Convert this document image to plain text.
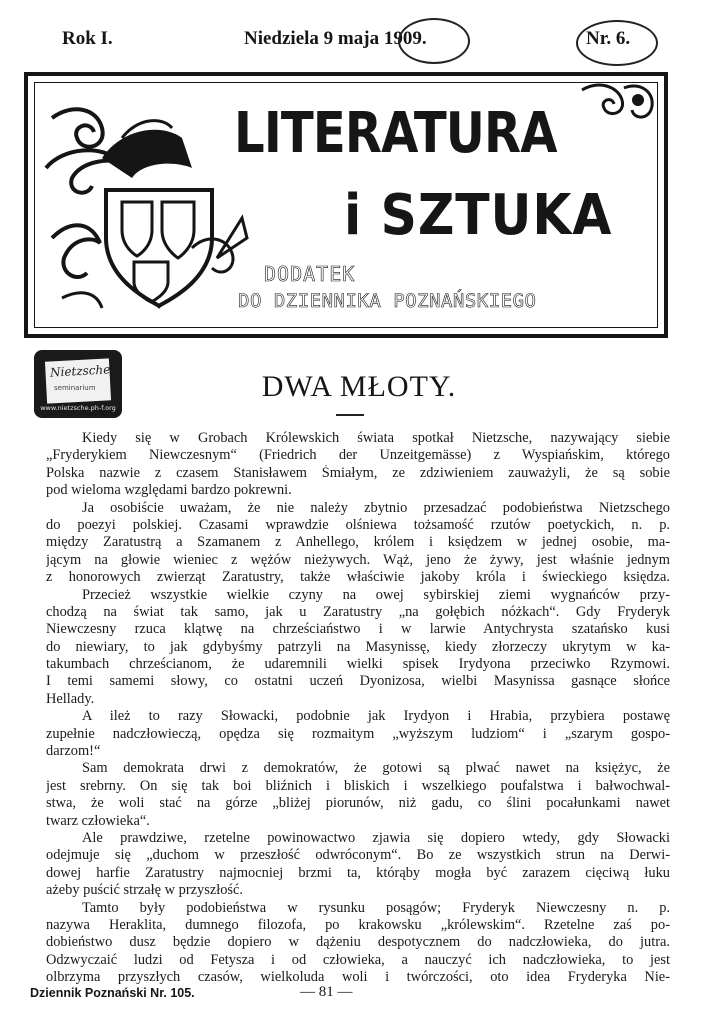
Rok I.	Niedziela 9 maja 1909.	Nr. 6.
LITERATURA
i SZTUKA
DODATEK
DO DZIENNIKA POZNAŃSKIEGO
Nietzsche
seminarium
www.nietzsche.ph-f.org
DWA MŁOTY.
Kiedy się w Grobach Królewskich świata spotkał Nietzsche, nazywający siebie
„Fryderykiem Niewczesnym“ (Friedrich der Unzeitgemässe) z Wyspiańskim, którego
Polska nazwie z czasem Stanisławem Śmiałym, ze zdziwieniem zauważyli, że są sobie
pod wieloma względami bardzo pokrewni.
Ja osobiście uważam, że nie należy zbytnio przesadzać podobieństwa Nietzschego
do poezyi polskiej. Czasami wprawdzie olśniewa tożsamość rzutów poetyckich, n. p.
między Zaratustrą a Szamanem z Anhellego, królem i księdzem w jednej osobie, ma-
jącym na głowie wieniec z wężów nieżywych. Wąż, jeno że żywy, jest właśnie jednym
z honorowych zwierząt Zaratustry, także właściwie jakoby króla i świeckiego księdza.
Przecież wszystkie wielkie czyny na owej sybirskiej ziemi wygnańców przy-
chodzą na świat tak samo, jak u Zaratustry „na gołębich nóżkach“. Gdy Fryderyk
Niewczesny rzuca klątwę na chrześciaństwo i w larwie Antychrysta szatańsko kusi
do niewiary, to jak gdybyśmy patrzyli na Masynissę, kiedy złorzeczy ukrytym w ka-
takumbach chrześcianom, że udaremnili wielki spisek Irydyona przeciwko Rzymowi.
I temi samemi słowy, co ostatni uczeń Dyonizosa, wielbi Masynissa gasnące słońce
Hellady.
A ileż to razy Słowacki, podobnie jak Irydyon i Hrabia, przybiera postawę
zupełnie nadczłowieczą, opędza się rozmaitym „wyższym ludziom“ i „szarym gospo-
darzom!“
Sam demokrata drwi z demokratów, że gotowi są plwać nawet na księżyc, że
jest srebrny. On się tak boi bliźnich i bliskich i wszelkiego poufalstwa i bałwochwal-
stwa, że woli stać na górze „bliżej piorunów, niż gadu, co ślini pocałunkami nawet
twarz człowieka“.
Ale prawdziwe, rzetelne powinowactwo zjawia się dopiero wtedy, gdy Słowacki
odejmuje się „duchom w przeszłość odwróconym“. Bo ze wszystkich strun na Derwi-
dowej harfie Zaratustry najmocniej brzmi ta, którąby mogła być zarazem cięciwą łuku
ażeby puścić strzałę w przyszłość.
Tamto były podobieństwa w rysunku posągów; Fryderyk Niewczesny n. p.
nazywa Heraklita, dumnego filozofa, po krakowsku „królewskim“. Rzetelne zaś po-
dobieństwo dusz będzie dopiero w dążeniu despotycznem do nadczłowieka, do jutra.
Odzwyczaić ludzi od Fetysza i od człowieka, a nauczyć ich nadczłowieka, to jest
olbrzyma przyszłych czasów, wielkoluda woli i twórczości, oto idea Fryderyka Nie-
Dziennik Poznański Nr. 105.	— 81 —
